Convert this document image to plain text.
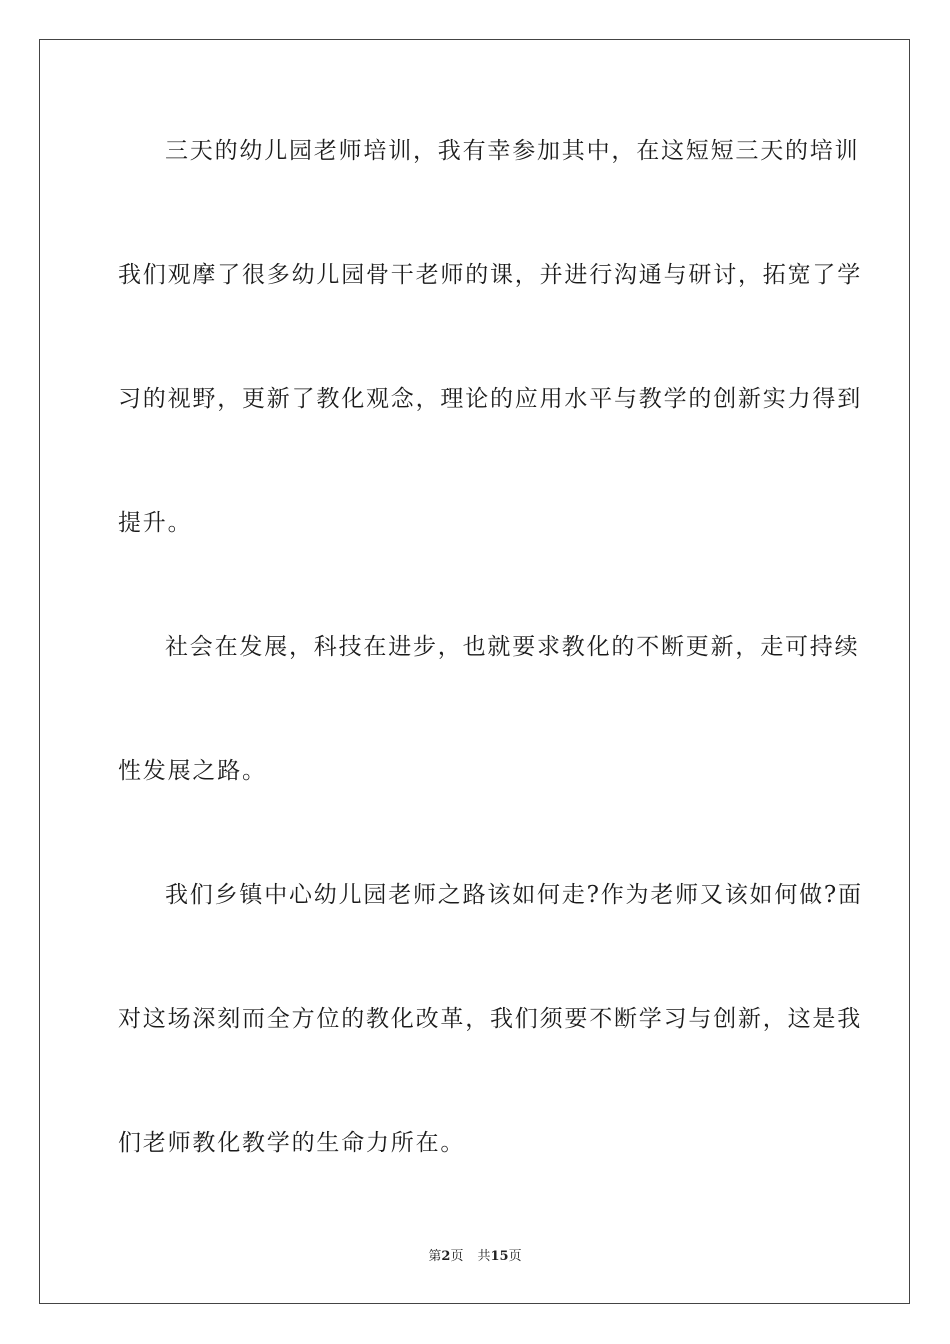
三天的幼儿园老师培训，我有幸参加其中，在这短短三天的培训
我们观摩了很多幼儿园骨干老师的课，并进行沟通与研讨，拓宽了学
习的视野，更新了教化观念，理论的应用水平与教学的创新实力得到
提升。
社会在发展，科技在进步，也就要求教化的不断更新，走可持续
性发展之路。
我们乡镇中心幼儿园老师之路该如何走?作为老师又该如何做?面
对这场深刻而全方位的教化改革，我们须要不断学习与创新，这是我
们老师教化教学的生命力所在。
第2页 共15页
